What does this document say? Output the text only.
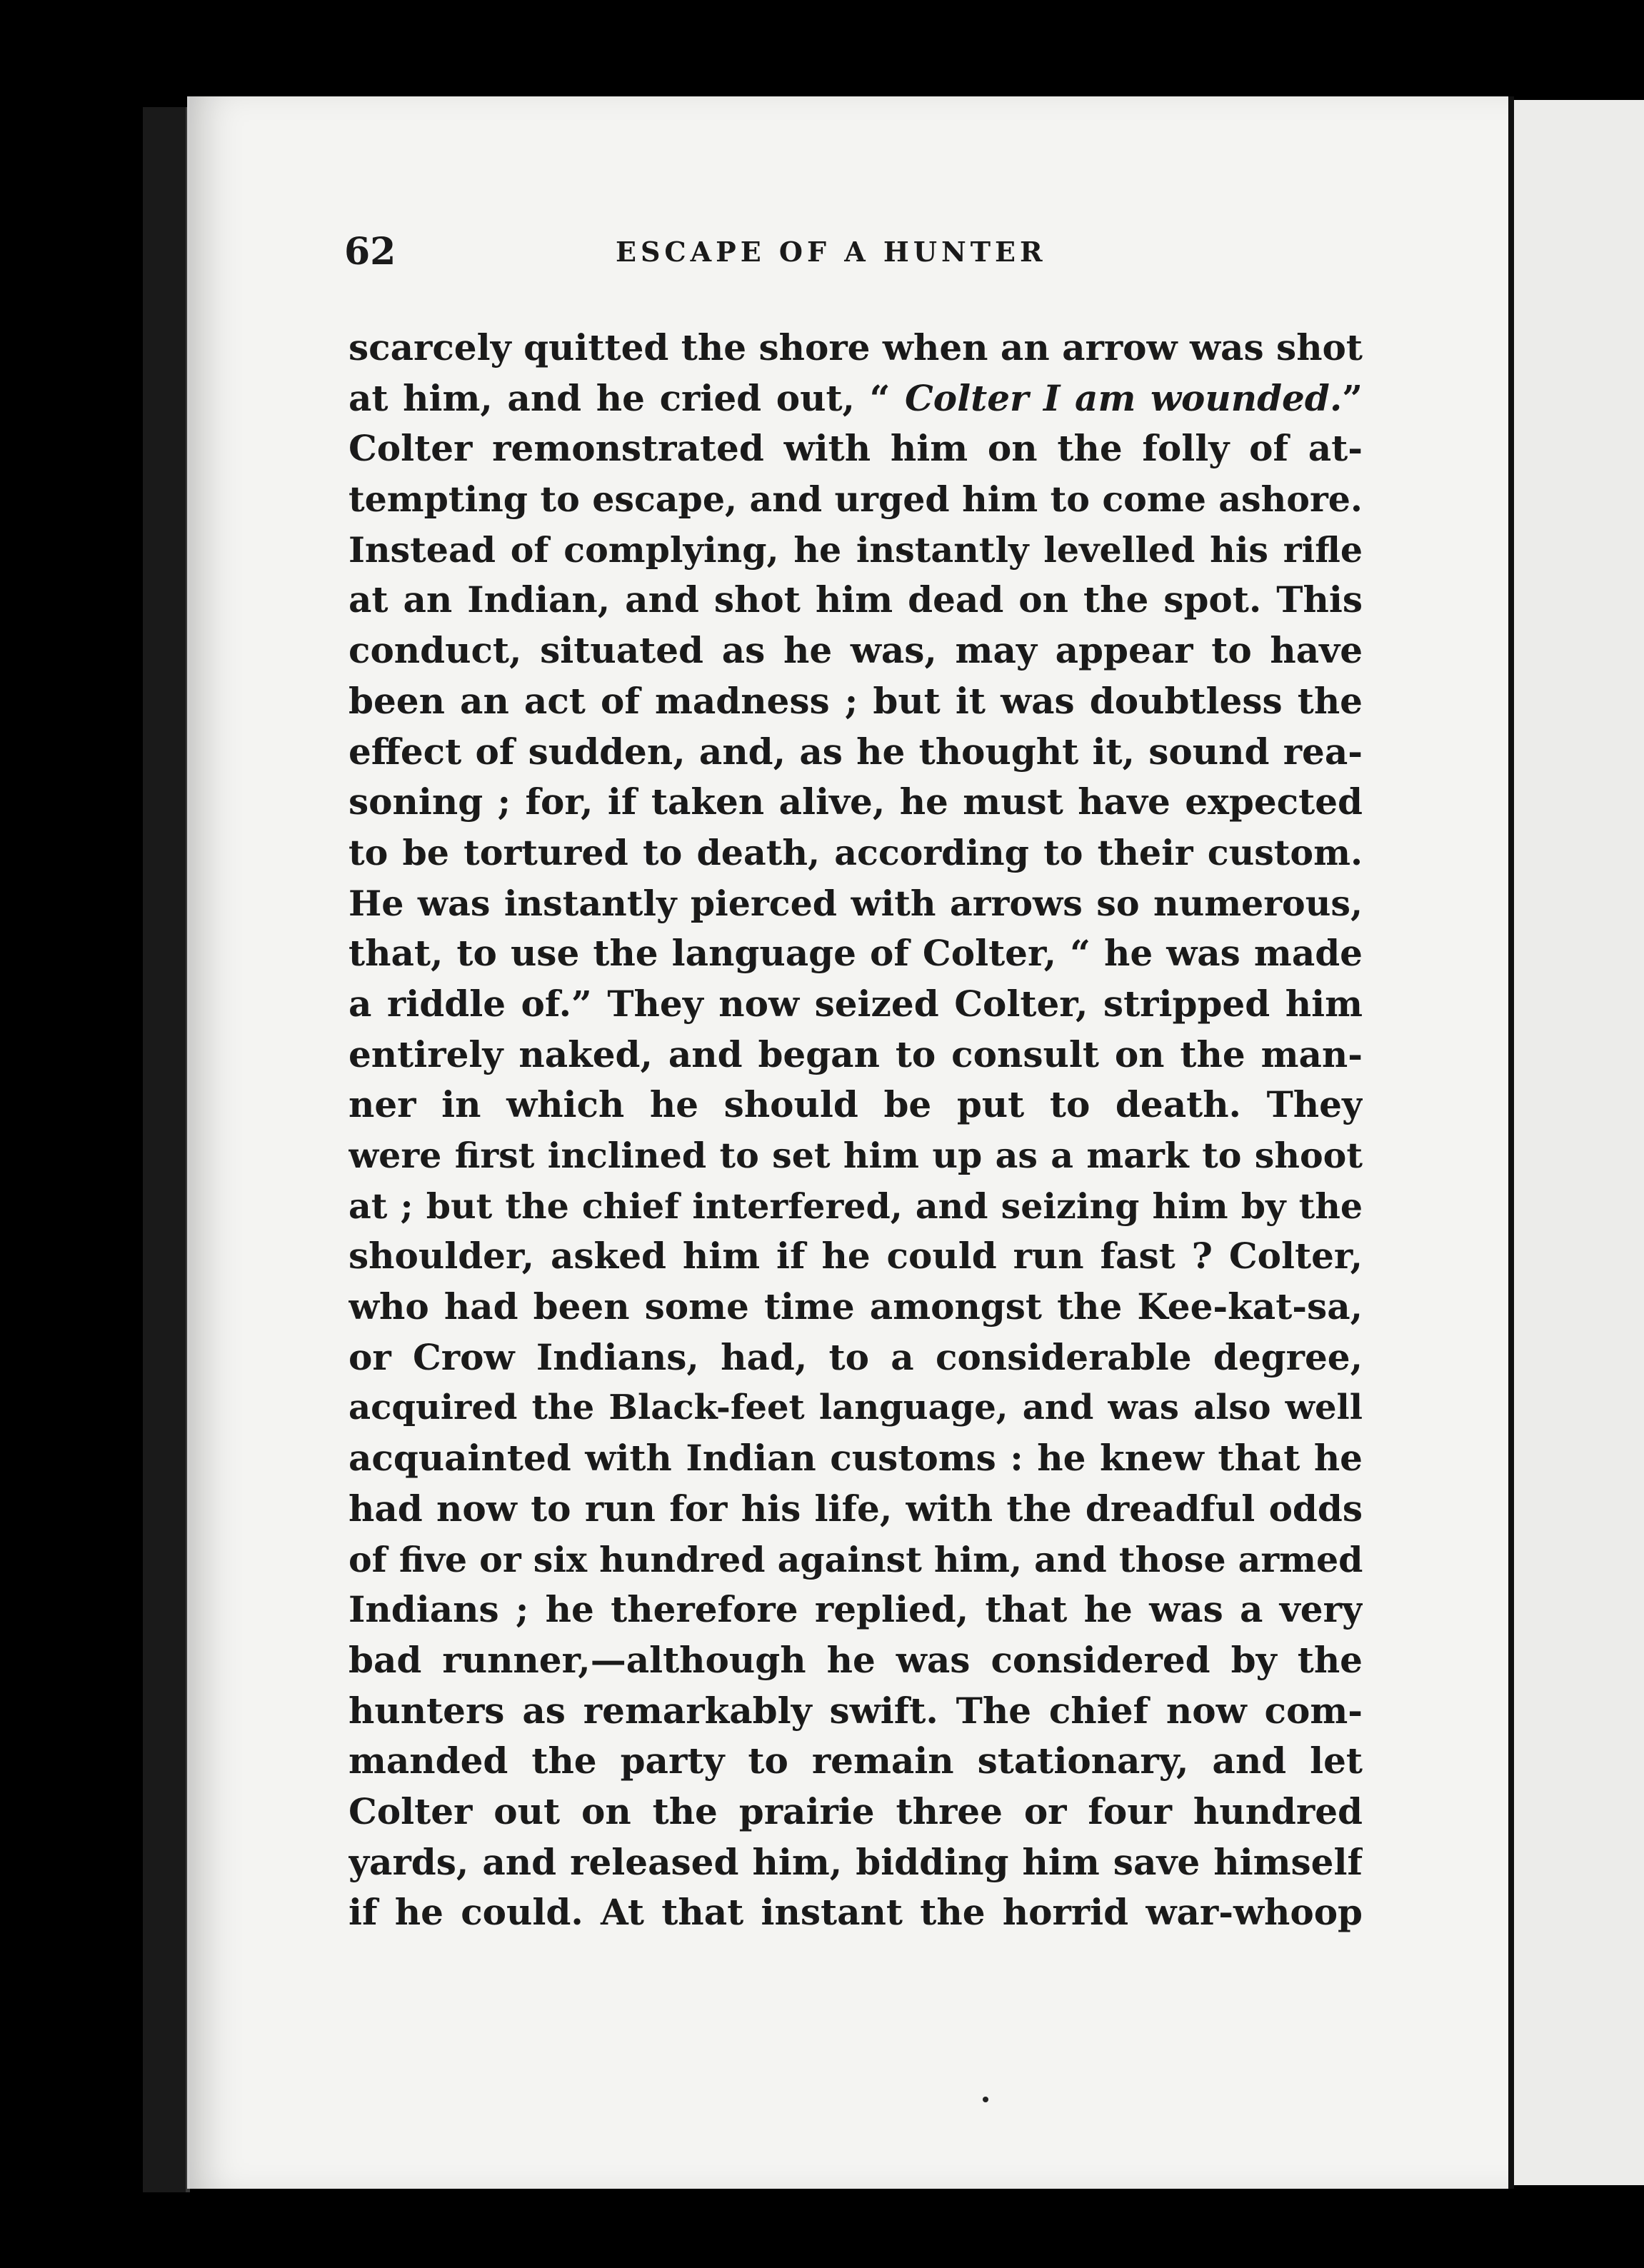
62	ESCAPE OF A HUNTER
scarcely quitted the shore when an arrow was shot
at him, and he cried out, “ Colter I am wounded.”
Colter remonstrated with him on the folly of at-
tempting to escape, and urged him to come ashore.
Instead of complying, he instantly levelled his rifle
at an Indian, and shot him dead on the spot. This
conduct, situated as he was, may appear to have
been an act of madness ; but it was doubtless the
effect of sudden, and, as he thought it, sound rea-
soning ; for, if taken alive, he must have expected
to be tortured to death, according to their custom.
He was instantly pierced with arrows so numerous,
that, to use the language of Colter, “ he was made
a riddle of.” They now seized Colter, stripped him
entirely naked, and began to consult on the man-
ner in which he should be put to death. They
were first inclined to set him up as a mark to shoot
at ; but the chief interfered, and seizing him by the
shoulder, asked him if he could run fast ? Colter,
who had been some time amongst the Kee-kat-sa,
or Crow Indians, had, to a considerable degree,
acquired the Black-feet language, and was also well
acquainted with Indian customs : he knew that he
had now to run for his life, with the dreadful odds
of five or six hundred against him, and those armed
Indians ; he therefore replied, that he was a very
bad runner,—although he was considered by the
hunters as remarkably swift. The chief now com-
manded the party to remain stationary, and let
Colter out on the prairie three or four hundred
yards, and released him, bidding him save himself
if he could. At that instant the horrid war-whoop
